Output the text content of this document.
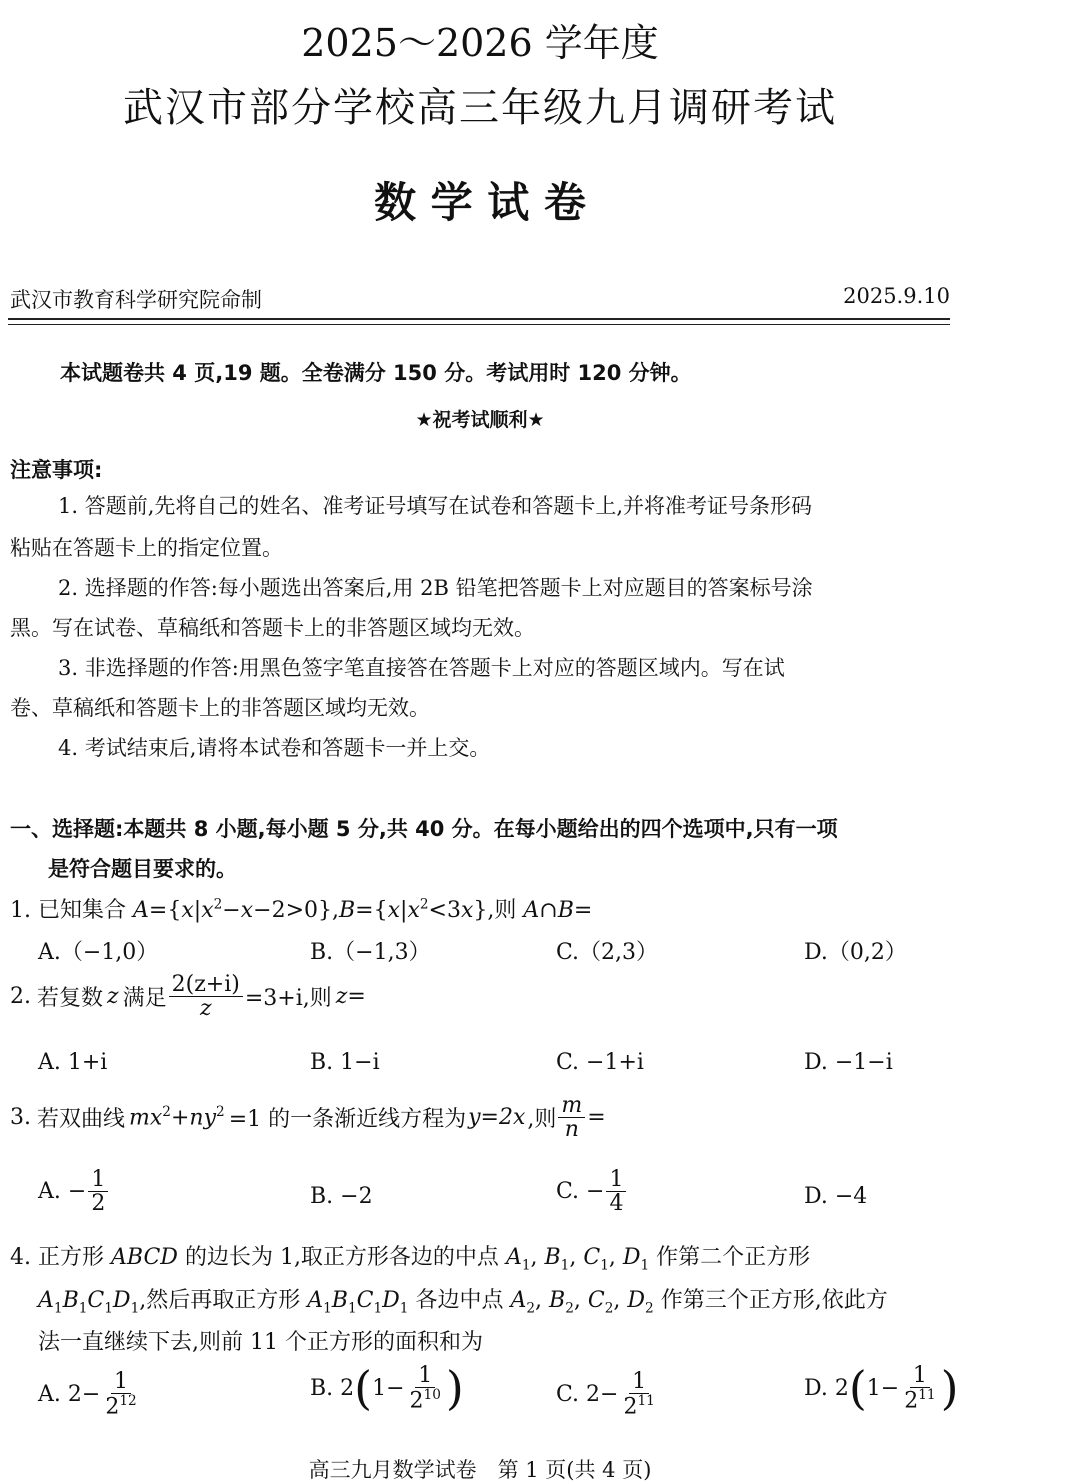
2025～2026 学年度
武汉市部分学校高三年级九月调研考试
数 学 试 卷
武汉市教育科学研究院命制	2025.9.10
本试题卷共 4 页,19 题。全卷满分 150 分。考试用时 120 分钟。
★祝考试顺利★
注意事项:
1. 答题前,先将自己的姓名、准考证号填写在试卷和答题卡上,并将准考证号条形码
粘贴在答题卡上的指定位置。
2. 选择题的作答:每小题选出答案后,用 2B 铅笔把答题卡上对应题目的答案标号涂
黑。写在试卷、草稿纸和答题卡上的非答题区域均无效。
3. 非选择题的作答:用黑色签字笔直接答在答题卡上对应的答题区域内。写在试
卷、草稿纸和答题卡上的非答题区域均无效。
4. 考试结束后,请将本试卷和答题卡一并上交。
一、选择题:本题共 8 小题,每小题 5 分,共 40 分。在每小题给出的四个选项中,只有一项
是符合题目要求的。
1. 已知集合 $A=\{x|x^2-x-2>0\},B=\{x|x^2<3x\}$,则 A∩B=
A.（−1,0）	B.（−1,3）	C.（2,3）	D.（0,2）
2. 若复数 z 满足 $\frac{2(z+i)}{z} =3+i$,则 z=
A. 1+i	B. 1−i	C. −1+i	D. −1−i
3. 若双曲线 $mx^2+ny^2 =1$ 的一条渐近线方程为 y=2x ,则 $\frac{m}{n}$ =
A. − $\frac{1}{2}$	B. −2	C. − $\frac{1}{4}$	D. −4
4. 正方形 ABCD 的边长为 1,取正方形各边的中点 $A_1$, $B_1$, $C_1$, $D_1$ 作第二个正方形
$A_1B_1C_1D_1$,然后再取正方形 $A_1B_1C_1D_1$ 各边中点 $A_2$, $B_2$, $C_2$, $D_2$ 作第三个正方形,依此方
法一直继续下去,则前 11 个正方形的面积和为
A. $2- \frac{1}{2^{12}}$	B. 2 ( $1- \frac{1}{2^{10}}$ )	C. $2- \frac{1}{2^{11}}$	D. 2 ( $1- \frac{1}{2^{11}}$ )
高三九月数学试卷　第 1 页(共 4 页)
